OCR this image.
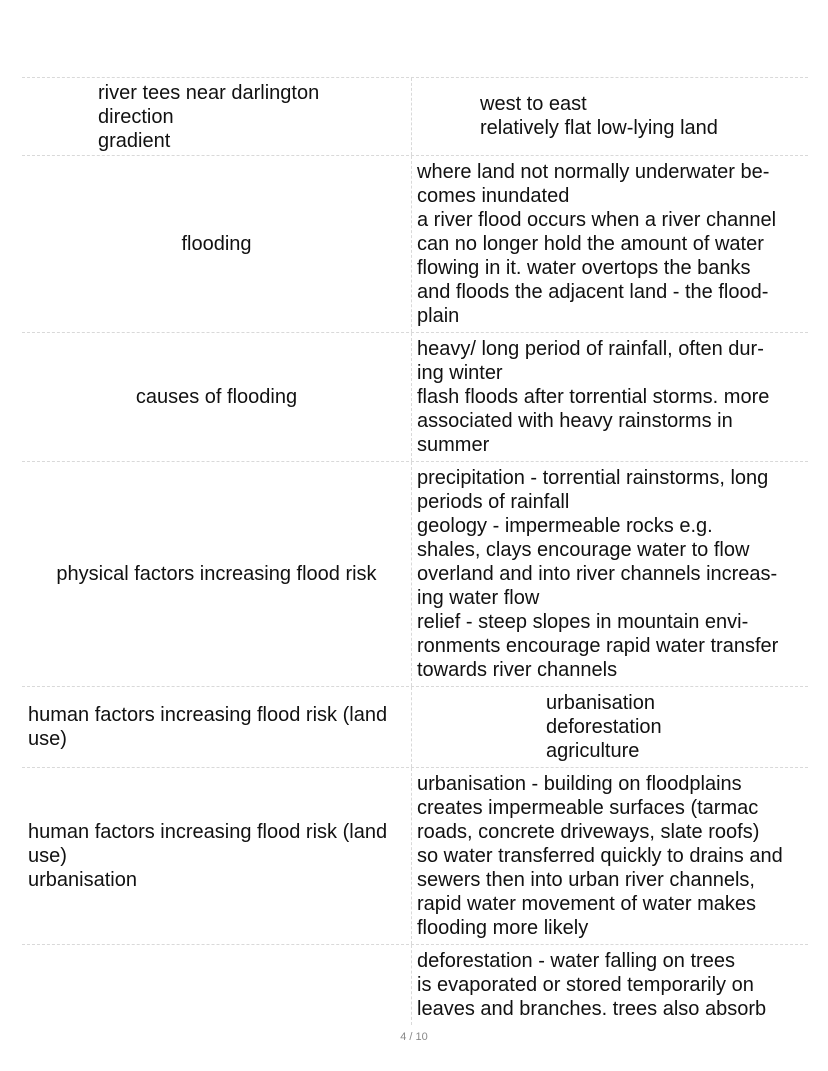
river tees near darlington
direction
gradient
west to east
relatively flat low-lying land
flooding
where land not normally underwater be-
comes inundated
a river flood occurs when a river channel
can no longer hold the amount of water
flowing in it. water overtops the banks
and floods the adjacent land - the flood-
plain
causes of flooding
heavy/ long period of rainfall, often dur-
ing winter
flash floods after torrential storms. more
associated with heavy rainstorms in
summer
physical factors increasing flood risk
precipitation - torrential rainstorms, long
periods of rainfall
geology - impermeable rocks e.g.
shales, clays encourage water to flow
overland and into river channels increas-
ing water flow
relief - steep slopes in mountain envi-
ronments encourage rapid water transfer
towards river channels
human factors increasing flood risk (land
use)
urbanisation
deforestation
agriculture
human factors increasing flood risk (land
use)
urbanisation
urbanisation - building on floodplains
creates impermeable surfaces (tarmac
roads, concrete driveways, slate roofs)
so water transferred quickly to drains and
sewers then into urban river channels,
rapid water movement of water makes
flooding more likely
deforestation - water falling on trees
is evaporated or stored temporarily on
leaves and branches. trees also absorb
4 / 10
